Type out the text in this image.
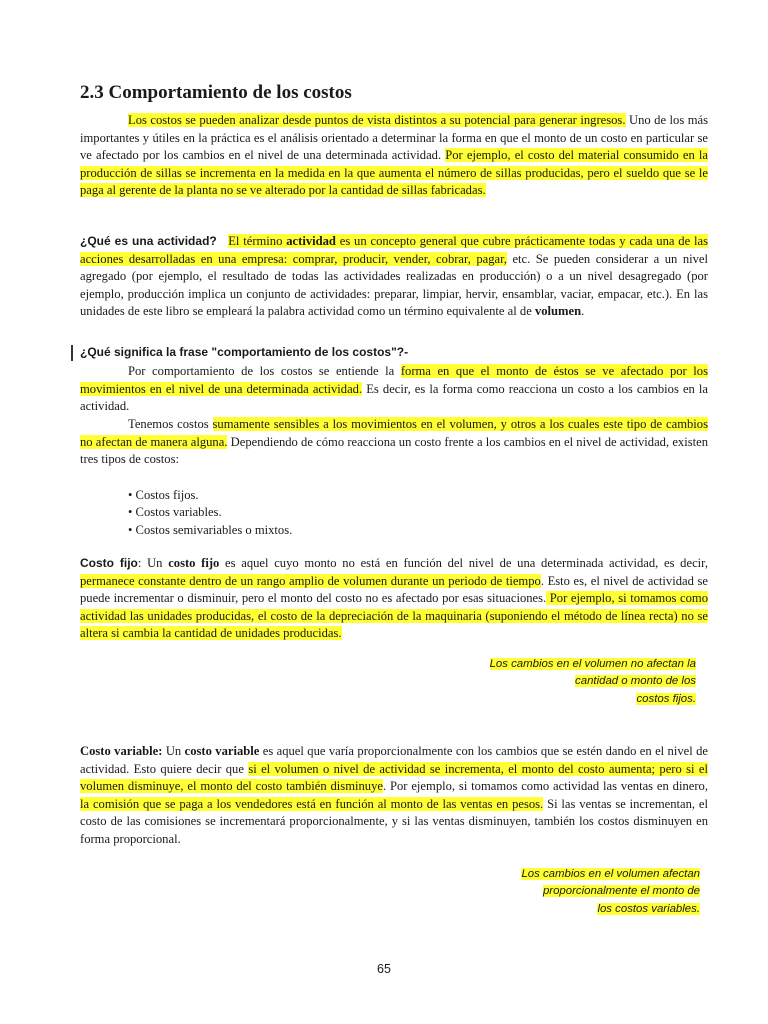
2.3 Comportamiento de los costos

Los costos se pueden analizar desde puntos de vista distintos a su potencial para generar ingresos. Uno de los más importantes y útiles en la práctica es el análisis orientado a determinar la forma en que el monto de un costo en particular se ve afectado por los cambios en el nivel de una determinada actividad. Por ejemplo, el costo del material consumido en la producción de sillas se incrementa en la medida en la que aumenta el número de sillas producidas, pero el sueldo que se le paga al gerente de la planta no se ve alterado por la cantidad de sillas fabricadas.

¿Qué es una actividad? El término actividad es un concepto general que cubre prácticamente todas y cada una de las acciones desarrolladas en una empresa: comprar, producir, vender, cobrar, pagar, etc. Se pueden considerar a un nivel agregado (por ejemplo, el resultado de todas las actividades realizadas en producción) o a un nivel desagregado (por ejemplo, producción implica un conjunto de actividades: preparar, limpiar, hervir, ensamblar, vaciar, empacar, etc.). En las unidades de este libro se empleará la palabra actividad como un término equivalente al de volumen.

¿Qué significa la frase "comportamiento de los costos"?-

Por comportamiento de los costos se entiende la forma en que el monto de éstos se ve afectado por los movimientos en el nivel de una determinada actividad. Es decir, es la forma como reacciona un costo a los cambios en la actividad.

Tenemos costos sumamente sensibles a los movimientos en el volumen, y otros a los cuales este tipo de cambios no afectan de manera alguna. Dependiendo de cómo reacciona un costo frente a los cambios en el nivel de actividad, existen tres tipos de costos:

• Costos fijos.
• Costos variables.
• Costos semivariables o mixtos.

Costo fijo: Un costo fijo es aquel cuyo monto no está en función del nivel de una determinada actividad, es decir, permanece constante dentro de un rango amplio de volumen durante un periodo de tiempo. Esto es, el nivel de actividad se puede incrementar o disminuir, pero el monto del costo no es afectado por esas situaciones. Por ejemplo, si tomamos como actividad las unidades producidas, el costo de la depreciación de la maquinaria (suponiendo el método de línea recta) no se altera si cambia la cantidad de unidades producidas.

Los cambios en el volumen no afectan la
cantidad o monto de los
costos fijos.

Costo variable: Un costo variable es aquel que varía proporcionalmente con los cambios que se estén dando en el nivel de actividad. Esto quiere decir que si el volumen o nivel de actividad se incrementa, el monto del costo aumenta; pero si el volumen disminuye, el monto del costo también disminuye. Por ejemplo, si tomamos como actividad las ventas en dinero, la comisión que se paga a los vendedores está en función al monto de las ventas en pesos. Si las ventas se incrementan, el costo de las comisiones se incrementará proporcionalmente, y si las ventas disminuyen, también los costos disminuyen en forma proporcional.

Los cambios en el volumen afectan
proporcionalmente el monto de
los costos variables.
65
